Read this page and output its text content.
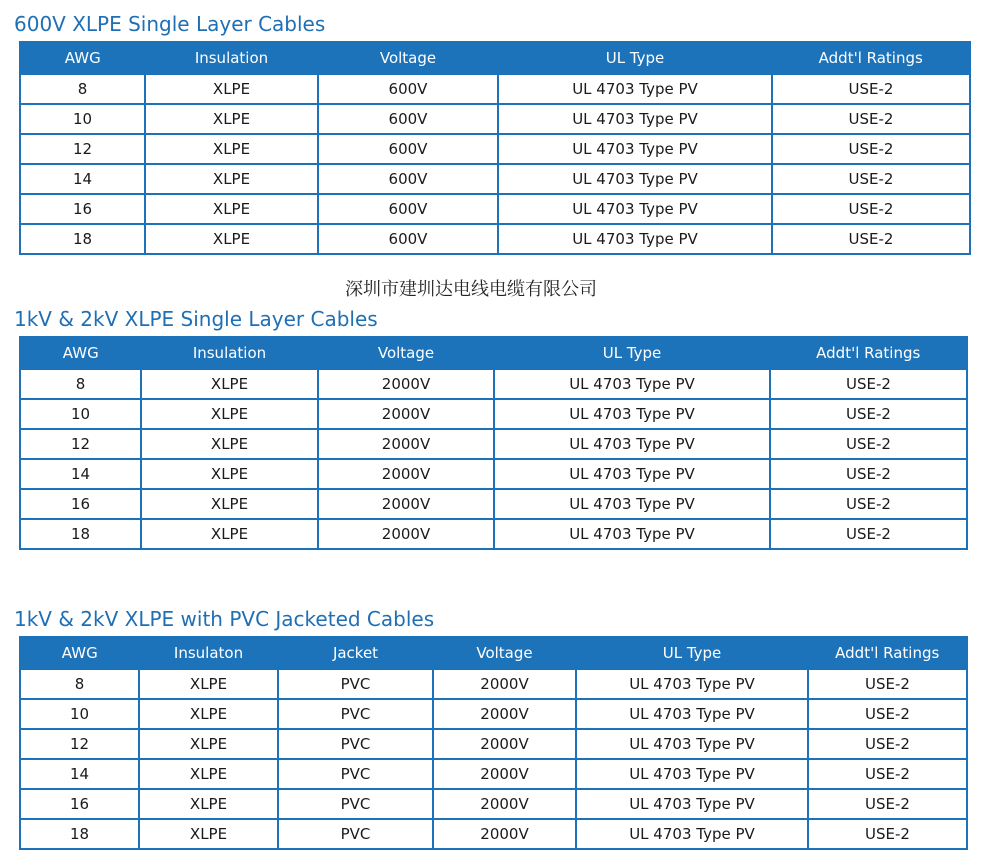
600V XLPE Single Layer Cables
AWG	Insulation	Voltage	UL Type	Addt'l Ratings
8	XLPE	600V	UL 4703 Type PV	USE-2
10	XLPE	600V	UL 4703 Type PV	USE-2
12	XLPE	600V	UL 4703 Type PV	USE-2
14	XLPE	600V	UL 4703 Type PV	USE-2
16	XLPE	600V	UL 4703 Type PV	USE-2
18	XLPE	600V	UL 4703 Type PV	USE-2
深圳市建圳达电线电缆有限公司
1kV & 2kV XLPE Single Layer Cables
AWG	Insulation	Voltage	UL Type	Addt'l Ratings
8	XLPE	2000V	UL 4703 Type PV	USE-2
10	XLPE	2000V	UL 4703 Type PV	USE-2
12	XLPE	2000V	UL 4703 Type PV	USE-2
14	XLPE	2000V	UL 4703 Type PV	USE-2
16	XLPE	2000V	UL 4703 Type PV	USE-2
18	XLPE	2000V	UL 4703 Type PV	USE-2
1kV & 2kV XLPE with PVC Jacketed Cables
AWG	Insulaton	Jacket	Voltage	UL Type	Addt'l Ratings
8	XLPE	PVC	2000V	UL 4703 Type PV	USE-2
10	XLPE	PVC	2000V	UL 4703 Type PV	USE-2
12	XLPE	PVC	2000V	UL 4703 Type PV	USE-2
14	XLPE	PVC	2000V	UL 4703 Type PV	USE-2
16	XLPE	PVC	2000V	UL 4703 Type PV	USE-2
18	XLPE	PVC	2000V	UL 4703 Type PV	USE-2
